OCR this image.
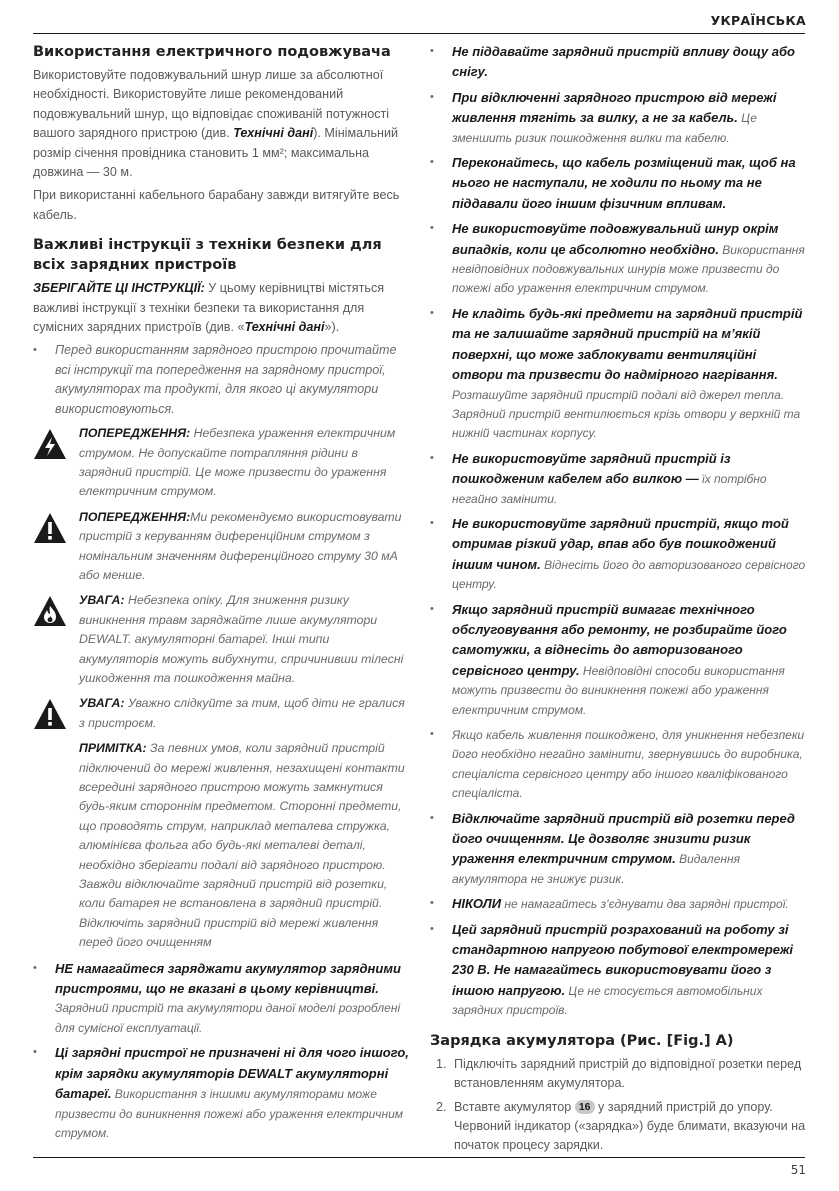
УКРАЇНСЬКА
Використання електричного подовжувача

Використовуйте подовжувальний шнур лише за абсолютної необхідності. Використовуйте лише рекомендований подовжувальний шнур, що відповідає споживаній потужності вашого зарядного пристрою (див. Технічні дані). Мінімальний розмір січення провідника становить 1 мм²; максимальна довжина — 30 м.

При використанні кабельного барабану завжди витягуйте весь кабель.

Важливі інструкції з техніки безпеки для всіх зарядних пристроїв

ЗБЕРІГАЙТЕ ЦІ ІНСТРУКЦІЇ: У цьому керівництві містяться важливі інструкції з техніки безпеки та використання для сумісних зарядних пристроїв (див. «Технічні дані»).

• Перед використанням зарядного пристрою прочитайте всі інструкції та попередження на зарядному пристрої, акумуляторах та продукті, для якого ці акумулятори використовуються.
ПОПЕРЕДЖЕННЯ: Небезпека ураження електричним струмом. Не допускайте потрапляння рідини в зарядний пристрій. Це може призвести до ураження електричним струмом.
ПОПЕРЕДЖЕННЯ:Ми рекомендуємо використовувати пристрій з керуванням диференційним струмом з номінальним значенням диференційного струму 30 мА або менше.
УВАГА: Небезпека опіку. Для зниження ризику виникнення травм заряджайте лише акумулятори DEWALT. акумуляторні батареї. Інші типи акумуляторів можуть вибухнути, спричинивши тілесні ушкодження та пошкодження майна.
УВАГА: Уважно слідкуйте за тим, щоб діти не гралися з пристроєм.
ПРИМІТКА: За певних умов, коли зарядний пристрій підключений до мережі живлення, незахищені контакти всередині зарядного пристрою можуть замкнутися будь-яким стороннім предметом. Сторонні предмети, що проводять струм, наприклад металева стружка, алюмінієва фольга або будь-які металеві деталі, необхідно зберігати подалі від зарядного пристрою. Завжди відключайте зарядний пристрій від розетки, коли батарея не встановлена в зарядний пристрій. Відключіть зарядний пристрій від мережі живлення перед його очищенням
• НЕ намагайтеся заряджати акумулятор зарядними пристроями, що не вказані в цьому керівництві. Зарядний пристрій та акумулятори даної моделі розроблені для сумісної експлуатації.
• Ці зарядні пристрої не призначені ні для чого іншого, крім зарядки акумуляторів DEWALT акумуляторні батареї. Використання з іншими акумуляторами може призвести до виникнення пожежі або ураження електричним струмом.
• Не піддавайте зарядний пристрій впливу дощу або снігу.
• При відключенні зарядного пристрою від мережі живлення тягніть за вилку, а не за кабель. Це зменшить ризик пошкодження вилки та кабелю.
• Переконайтесь, що кабель розміщений так, щоб на нього не наступали, не ходили по ньому та не піддавали його іншим фізичним впливам.
• Не використовуйте подовжувальний шнур окрім випадків, коли це абсолютно необхідно. Використання невідповідних подовжувальних шнурів може призвести до пожежі або ураження електричним струмом.
• Не кладіть будь-які предмети на зарядний пристрій та не залишайте зарядний пристрій на м’якій поверхні, що може заблокувати вентиляційні отвори та призвести до надмірного нагрівання. Розташуйте зарядний пристрій подалі від джерел тепла. Зарядний пристрій вентилюється крізь отвори у верхній та нижній частинах корпусу.
• Не використовуйте зарядний пристрій із пошкодженим кабелем або вилкою — їх потрібно негайно замінити.
• Не використовуйте зарядний пристрій, якщо той отримав різкий удар, впав або був пошкоджений іншим чином. Віднесіть його до авторизованого сервісного центру.
• Якщо зарядний пристрій вимагає технічного обслуговування або ремонту, не розбирайте його самотужки, а віднесіть до авторизованого сервісного центру. Невідповідні способи використання можуть призвести до виникнення пожежі або ураження електричним струмом.
• Якщо кабель живлення пошкоджено, для уникнення небезпеки його необхідно негайно замінити, звернувшись до виробника, спеціаліста сервісного центру або іншого кваліфікованого спеціаліста.
• Відключайте зарядний пристрій від розетки перед його очищенням. Це дозволяє знизити ризик ураження електричним струмом. Видалення акумулятора не знижує ризик.
• НІКОЛИ не намагайтесь з’єднувати два зарядні пристрої.
• Цей зарядний пристрій розрахований на роботу зі стандартною напругою побутової електромережі 230 В. Не намагайтесь використовувати його з іншою напругою. Це не стосується автомобільних зарядних пристроїв.
Зарядка акумулятора (Рис. [Fig.] A)
1. Підключіть зарядний пристрій до відповідної розетки перед встановленням акумулятора.
2. Вставте акумулятор 16 у зарядний пристрій до упору. Червоний індикатор («зарядка») буде блимати, вказуючи на початок процесу зарядки.
51
